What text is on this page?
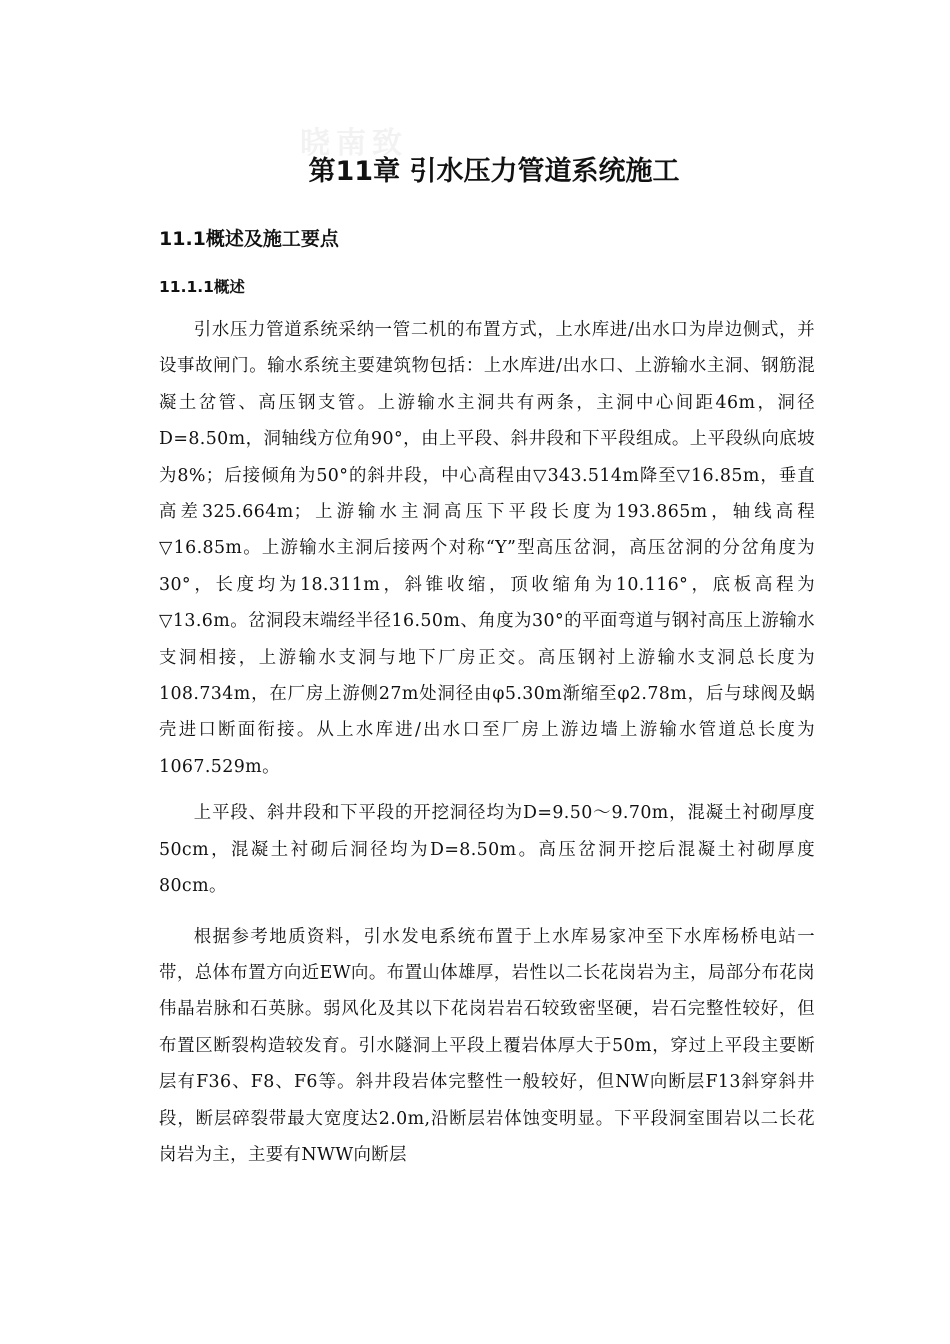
晓南致
第11章 引水压力管道系统施工
11.1概述及施工要点
11.1.1概述

引水压力管道系统采纳一管二机的布置方式，上水库进/出水口为岸边侧式，并设事故闸门。输水系统主要建筑物包括：上水库进/出水口、上游输水主洞、钢筋混凝土岔管、高压钢支管。上游输水主洞共有两条，主洞中心间距46m，洞径D=8.50m，洞轴线方位角90°，由上平段、斜井段和下平段组成。上平段纵向底坡为8%；后接倾角为50°的斜井段，中心高程由▽343.514m降至▽16.85m，垂直高差325.664m；上游输水主洞高压下平段长度为193.865m，轴线高程▽16.85m。上游输水主洞后接两个对称“Y”型高压岔洞，高压岔洞的分岔角度为30°，长度均为18.311m，斜锥收缩，顶收缩角为10.116°，底板高程为▽13.6m。岔洞段末端经半径16.50m、角度为30°的平面弯道与钢衬高压上游输水支洞相接，上游输水支洞与地下厂房正交。高压钢衬上游输水支洞总长度为108.734m，在厂房上游侧27m处洞径由φ5.30m渐缩至φ2.78m，后与球阀及蜗壳进口断面衔接。从上水库进/出水口至厂房上游边墙上游输水管道总长度为1067.529m。

上平段、斜井段和下平段的开挖洞径均为D=9.50～9.70m，混凝土衬砌厚度50cm，混凝土衬砌后洞径均为D=8.50m。高压岔洞开挖后混凝土衬砌厚度80cm。

根据参考地质资料，引水发电系统布置于上水库易家冲至下水库杨桥电站一带，总体布置方向近EW向。布置山体雄厚，岩性以二长花岗岩为主，局部分布花岗伟晶岩脉和石英脉。弱风化及其以下花岗岩岩石较致密坚硬，岩石完整性较好，但布置区断裂构造较发育。引水隧洞上平段上覆岩体厚大于50m，穿过上平段主要断层有F36、F8、F6等。斜井段岩体完整性一般较好，但NW向断层F13斜穿斜井段，断层碎裂带最大宽度达2.0m,沿断层岩体蚀变明显。下平段洞室围岩以二长花岗岩为主，主要有NWW向断层
